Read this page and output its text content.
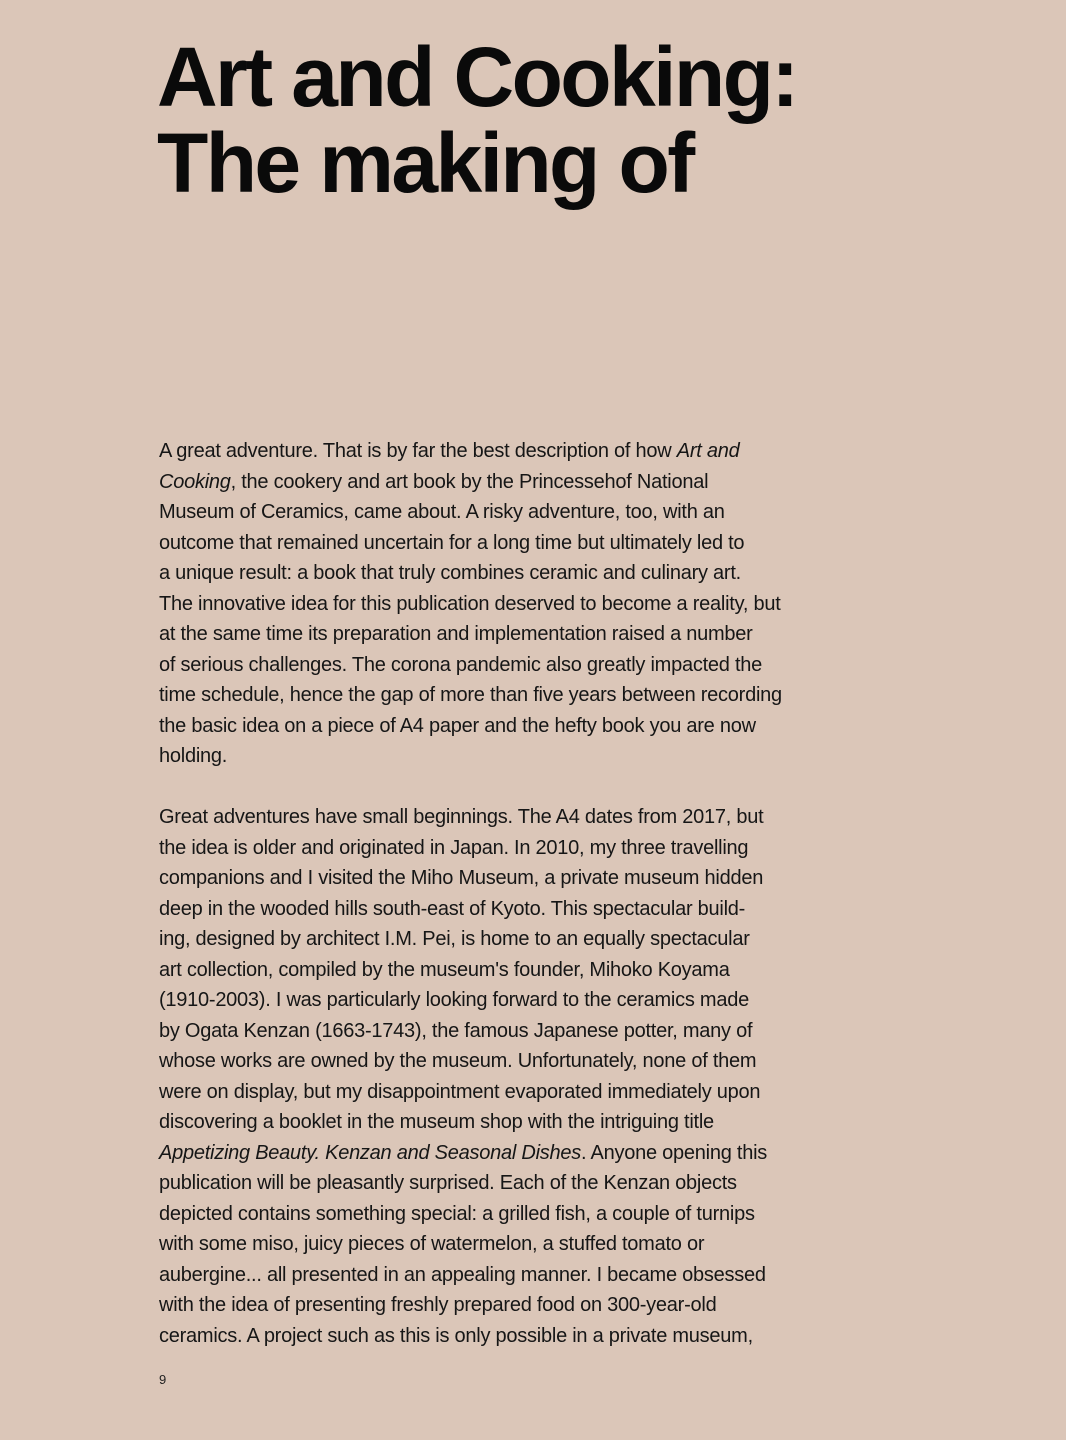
Art and Cooking:
The making of

A great adventure. That is by far the best description of how Art and
Cooking, the cookery and art book by the Princessehof National
Museum of Ceramics, came about. A risky adventure, too, with an
outcome that remained uncertain for a long time but ultimately led to
a unique result: a book that truly combines ceramic and culinary art.
The innovative idea for this publication deserved to become a reality, but
at the same time its preparation and implementation raised a number
of serious challenges. The corona pandemic also greatly impacted the
time schedule, hence the gap of more than five years between recording
the basic idea on a piece of A4 paper and the hefty book you are now
holding.

Great adventures have small beginnings. The A4 dates from 2017, but
the idea is older and originated in Japan. In 2010, my three travelling
companions and I visited the Miho Museum, a private museum hidden
deep in the wooded hills south-east of Kyoto. This spectacular build-
ing, designed by architect I.M. Pei, is home to an equally spectacular
art collection, compiled by the museum's founder, Mihoko Koyama
(1910-2003). I was particularly looking forward to the ceramics made
by Ogata Kenzan (1663-1743), the famous Japanese potter, many of
whose works are owned by the museum. Unfortunately, none of them
were on display, but my disappointment evaporated immediately upon
discovering a booklet in the museum shop with the intriguing title
Appetizing Beauty. Kenzan and Seasonal Dishes. Anyone opening this
publication will be pleasantly surprised. Each of the Kenzan objects
depicted contains something special: a grilled fish, a couple of turnips
with some miso, juicy pieces of watermelon, a stuffed tomato or
aubergine... all presented in an appealing manner. I became obsessed
with the idea of presenting freshly prepared food on 300-year-old
ceramics. A project such as this is only possible in a private museum,

9
